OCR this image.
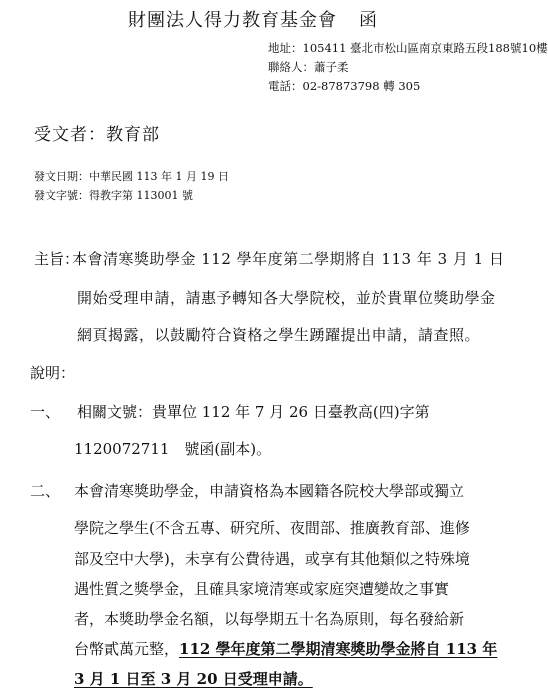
財團法人得力教育基金會 函
地址：105411 臺北市松山區南京東路五段188號10樓
聯絡人：蕭子柔
電話：02-87873798 轉 305
受文者：教育部
發文日期：中華民國 113 年 1 月 19 日
發文字號：得教字第 113001 號
主旨：
本會清寒獎助學金 112 學年度第二學期將自 113 年 3 月 1 日
開始受理申請，請惠予轉知各大學院校，並於貴單位獎助學金
網頁揭露，以鼓勵符合資格之學生踴躍提出申請，請查照。
說明：
一、 相關文號：貴單位 112 年 7 月 26 日臺教高(四)字第
1120072711　號函(副本)。
二、 本會清寒獎助學金，申請資格為本國籍各院校大學部或獨立
學院之學生(不含五專、研究所、夜間部、推廣教育部、進修
部及空中大學)，未享有公費待遇，或享有其他類似之特殊境
遇性質之獎學金，且確具家境清寒或家庭突遭變故之事實
者，本獎助學金名額，以每學期五十名為原則，每名發給新
台幣貳萬元整，112 學年度第二學期清寒獎助學金將自 113 年
3 月 1 日至 3 月 20 日受理申請。
